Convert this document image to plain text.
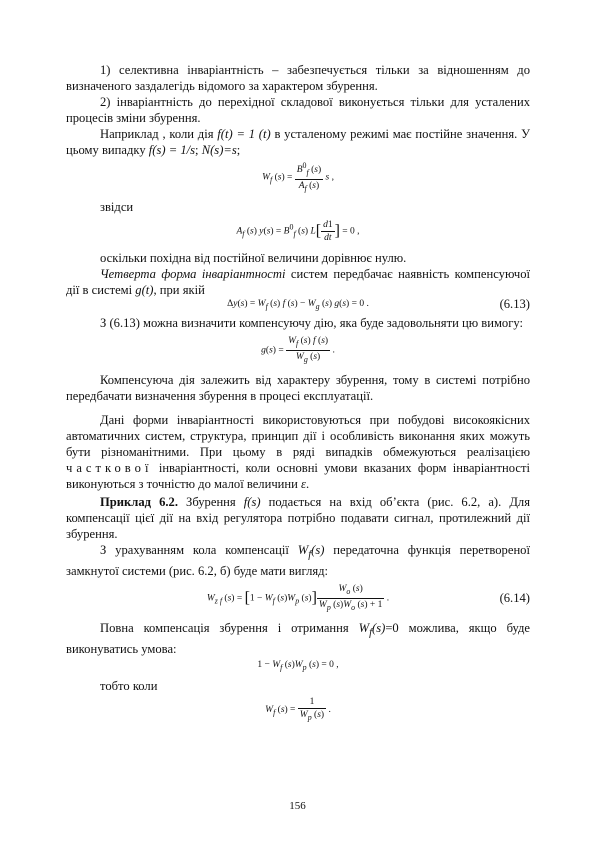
1) селективна інваріантність – забезпечується тільки за відношенням до визначеного заздалегідь відомого за характером збурення.

2) інваріантність до перехідної складової виконується тільки для усталених процесів зміни збурення.

Наприклад , коли дія f(t) = 1 (t) в усталеному режимі має постійне значення. У цьому випадку f(s) = 1/s; N(s)=s;

$W_f$ $(s) = \frac{B^0_f (s)}{A_f (s)}$ s ,

звідси

$A_f$ (s) $y(s) = B^0_f$ (s) $L[ \frac{d1}{dt}$ ] = 0 ,

оскільки похідна від постійної величини дорівнює нулю.

Четверта форма інваріантності систем передбачає наявність компенсуючої дії в системі g(t), при якій

$\Delta y(s) = W_f$ (s) f $(s) - W_g$ (s) g(s) = 0 .	(6.13)

З (6.13) можна визначити компенсуючу дію, яка буде задовольняти цю вимогу:

$g(s) = \frac{W_f (s) f (s)}{W_g (s)}$ .

Компенсуюча дія залежить від характеру збурення, тому в системі потрібно передбачати визначення збурення в процесі експлуатації.

Дані форми інваріантності використовуються при побудові високоякісних автоматичних систем, структура, принцип дії і особливість виконання яких можуть бути різноманітними. При цьому в ряді випадків обмежуються реалізацією часткової інваріантності, коли основні умови вказаних форм інваріантності виконуються з точністю до малої величини ε.

Приклад 6.2. Збурення f(s) подається на вхід об’єкта (рис. 6.2, а). Для компенсації цієї дії на вхід регулятора потрібно подавати сигнал, протилежний дії збурення.

З урахуванням кола компенсації $W_f(s)$ передаточна функція перетвореної замкнутої системи (рис. 6.2, б) буде мати вигляд:

$W_{z f}$ $(s) = [1 - W_f$ $(s)W_p$ $(s)] \frac{W_o (s)}{W_p (s)W_o (s) + 1}$ .	(6.14)

Повна компенсація збурення і отримання $W_f(s)=0$ можлива, якщо буде виконуватись умова:

$1 - W_f$ $(s)W_p$ (s) = 0 ,

тобто коли

$W_f$ $(s) = \frac{1}{W_p (s)}$ .
156
